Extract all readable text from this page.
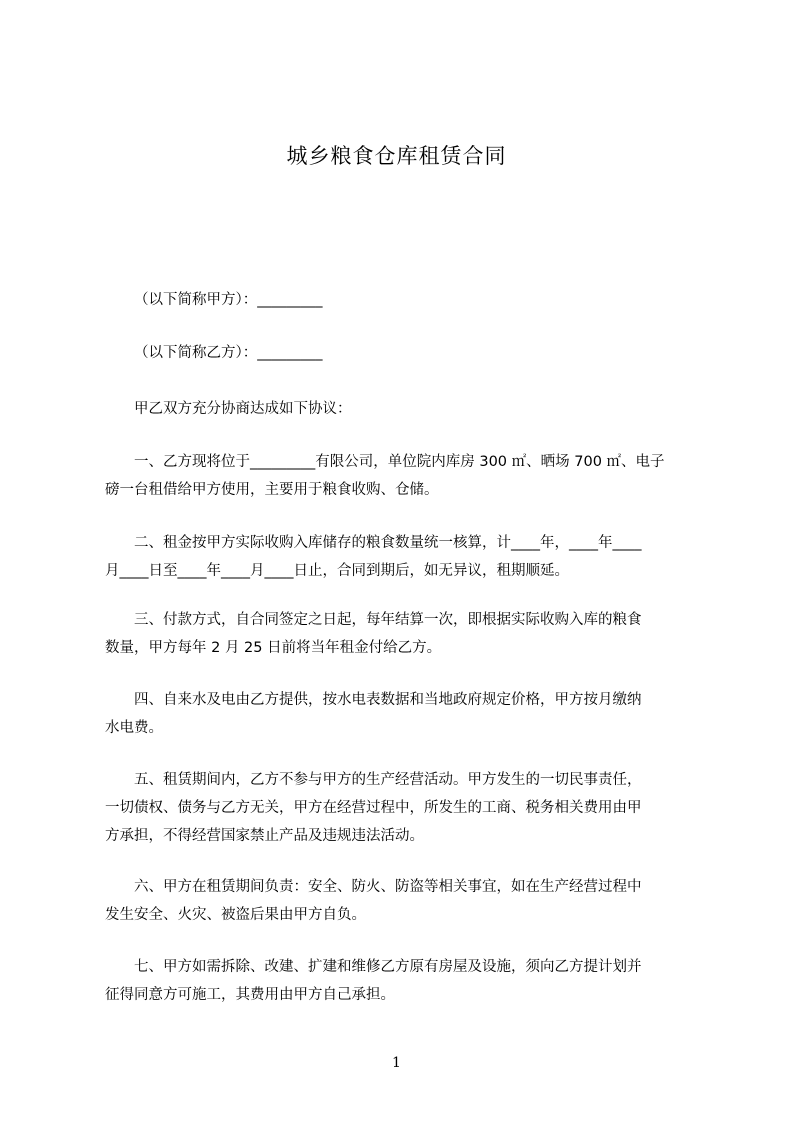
城乡粮食仓库租赁合同

（以下简称甲方）：_________

（以下简称乙方）：_________

甲乙双方充分协商达成如下协议：

一、乙方现将位于_________有限公司，单位院内库房 300 ㎡、晒场 700 ㎡、电子

磅一台租借给甲方使用，主要用于粮食收购、仓储。

二、租金按甲方实际收购入库储存的粮食数量统一核算，计____年，____年____

月____日至____年____月____日止，合同到期后，如无异议，租期顺延。

三、付款方式，自合同签定之日起，每年结算一次，即根据实际收购入库的粮食

数量，甲方每年 2 月 25 日前将当年租金付给乙方。

四、自来水及电由乙方提供，按水电表数据和当地政府规定价格，甲方按月缴纳

水电费。

五、租赁期间内，乙方不参与甲方的生产经营活动。甲方发生的一切民事责任，

一切债权、债务与乙方无关，甲方在经营过程中，所发生的工商、税务相关费用由甲

方承担，不得经营国家禁止产品及违规违法活动。

六、甲方在租赁期间负责：安全、防火、防盗等相关事宜，如在生产经营过程中

发生安全、火灾、被盗后果由甲方自负。

七、甲方如需拆除、改建、扩建和维修乙方原有房屋及设施，须向乙方提计划并

征得同意方可施工，其费用由甲方自己承担。

1
